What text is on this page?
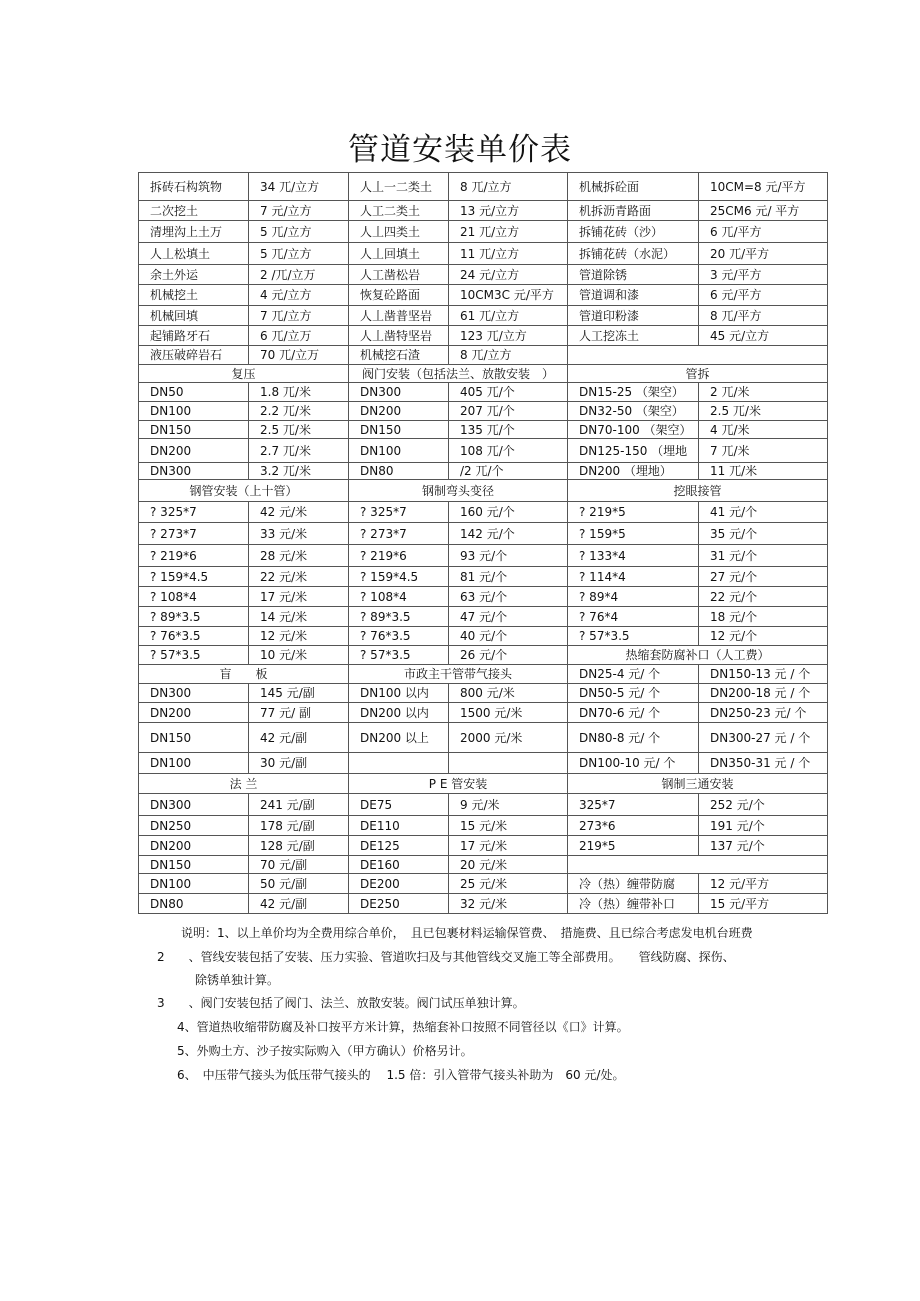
管道安装单价表
拆砖石构筑物	34 兀/立方	人丄一二类土	8 兀/立方	机械拆砼面	10CM=8 元/平方
二次挖土	7 元/立方	人工二类土	13 元/立方	机拆沥青路面	25CM6 元/ 平方
清埋沟上土万	5 兀/立方	人丄四类土	21 兀/立方	拆铺花砖（沙）	6 兀/平方
人丄松填土	5 兀/立方	人丄回填土	11 兀/立方	拆铺花砖（水泥）	20 兀/平方
余土外运	2 /兀/立万	人工凿松岩	24 元/立方	管道除锈	3 元/平方
机械挖土	4 元/立方	恢复砼路面	10CM3C 元/平方	管道调和漆	6 元/平方
机械回填	7 兀/立方	人丄凿普坚岩	61 兀/立方	管道印粉漆	8 兀/平方
起铺路牙石	6 兀/立万	人丄凿特坚岩	123 兀/立方	人工挖冻土	45 元/立方
液压破碎岩石	70 兀/立万	机械挖石渣	8 兀/立方		
复压		阀门安装（包括法兰、放散安装　）		管拆	
DN50	1.8 兀/米	DN300	405 兀/个	DN15-25 （架空）	2 兀/米
DN100	2.2 兀/米	DN200	207 兀/个	DN32-50 （架空）	2.5 兀/米
DN150	2.5 兀/米	DN150	135 兀/个	DN70-100 （架空）	4 兀/米
DN200	2.7 兀/米	DN100	108 兀/个	DN125-150 （埋地	7 兀/米
DN300	3.2 兀/米	DN80	/2 兀/个	DN200 （埋地）	11 兀/米
钢管安装（上十管）		钢制弯头变径		挖眼接管	
? 325*7	42 元/米	? 325*7	160 元/个	? 219*5	41 元/个
? 273*7	33 元/米	? 273*7	142 元/个	? 159*5	35 元/个
? 219*6	28 元/米	? 219*6	93 元/个	? 133*4	31 元/个
? 159*4.5	22 元/米	? 159*4.5	81 元/个	? 114*4	27 元/个
? 108*4	17 元/米	? 108*4	63 元/个	? 89*4	22 元/个
? 89*3.5	14 元/米	? 89*3.5	47 元/个	? 76*4	18 元/个
? 76*3.5	12 元/米	? 76*3.5	40 元/个	? 57*3.5	12 元/个
? 57*3.5	10 元/米	? 57*3.5	26 元/个	热缩套防腐补口（人工费）	
盲　　板		市政主干管带气接头		DN25-4 元/ 个	DN150-13 元 / 个
DN300	145 元/副	DN100 以内	800 元/米	DN50-5 元/ 个	DN200-18 元 / 个
DN200	77 元/ 副	DN200 以内	1500 元/米	DN70-6 元/ 个	DN250-23 元/ 个
DN150	42 元/副	DN200 以上	2000 元/米	DN80-8 元/ 个	DN300-27 元 / 个
DN100	30 元/副			DN100-10 元/ 个	DN350-31 元 / 个
法 兰		P E 管安装		钢制三通安装	
DN300	241 元/副	DE75	9 元/米	325*7	252 元/个
DN250	178 元/副	DE110	15 元/米	273*6	191 元/个
DN200	128 元/副	DE125	17 元/米	219*5	137 元/个
DN150	70 元/副	DE160	20 元/米		
DN100	50 元/副	DE200	25 元/米	冷（热）缠带防腐	12 元/平方
DN80	42 元/副	DE250	32 元/米	冷（热）缠带补口	15 元/平方
说明：1、以上单价均为全费用综合单价，　且已包裹材料运输保管费、　措施费、且已综合考虑发电机台班费
2　　、管线安装包括了安装、压力实验、管道吹扫及与其他管线交叉施工等全部费用。　　管线防腐、探伤、
除锈单独计算。
3　　、阀门安装包括了阀门、法兰、放散安装。阀门试压单独计算。
4、管道热收缩带防腐及补口按平方米计算，热缩套补口按照不同管径以《口》计算。
5、外购土方、沙子按实际购入（甲方确认）价格另计。
6、　中压带气接头为低压带气接头的　 1.5 倍：引入管带气接头补助为　60 元/处。
